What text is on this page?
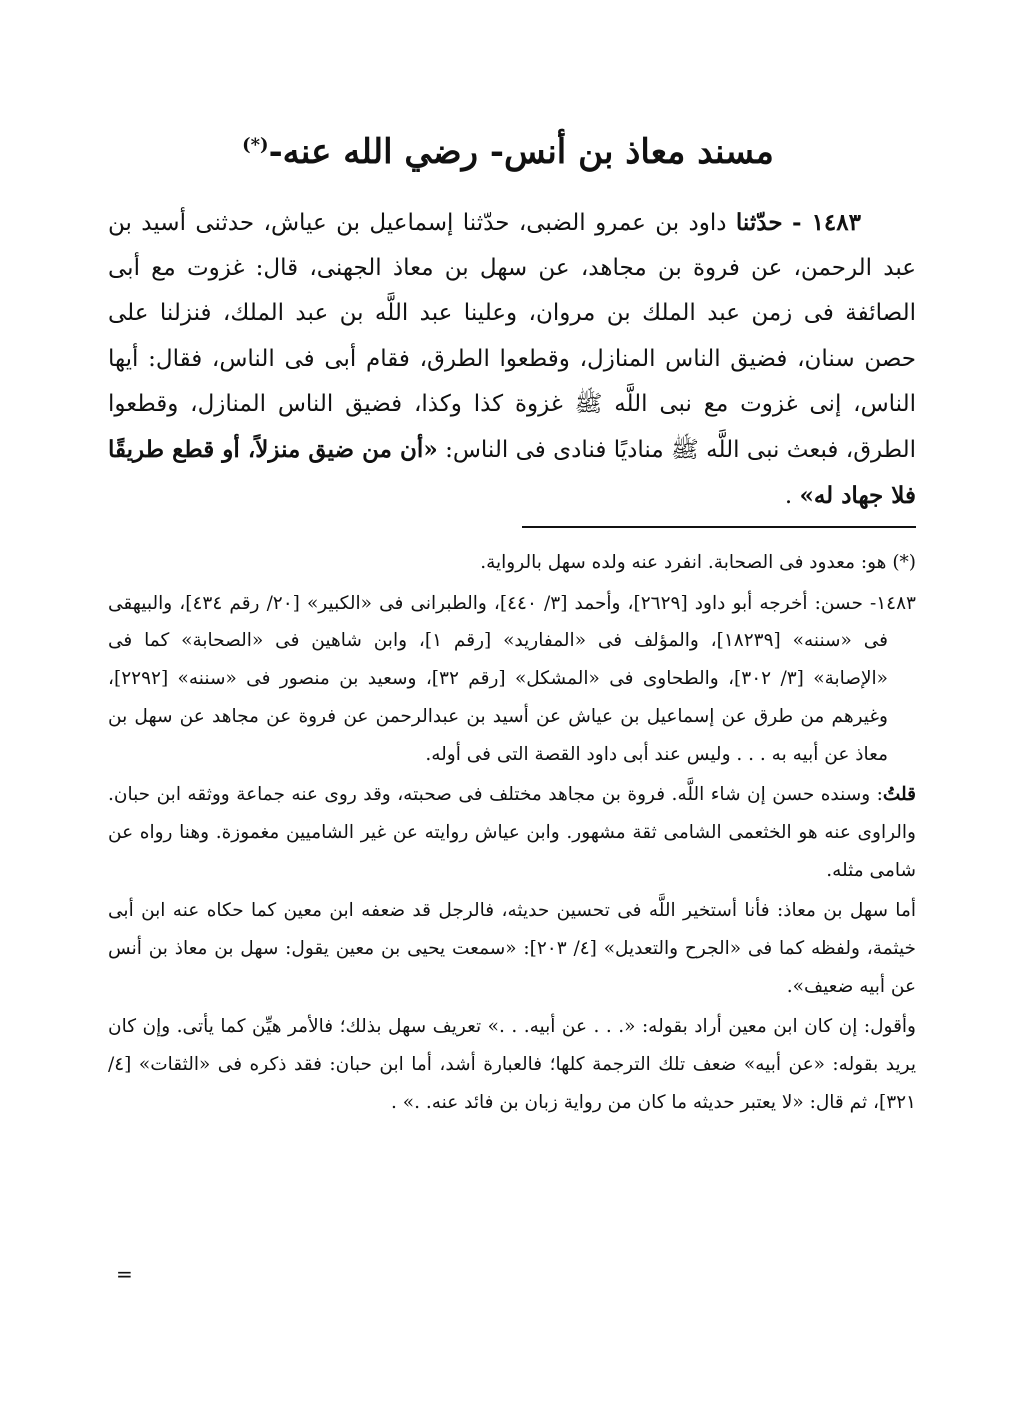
مسند معاذ بن أنس- رضي الله عنه-(*)

١٤٨٣ - حدّثنا داود بن عمرو الضبى، حدّثنا إسماعيل بن عياش، حدثنى أسيد بن عبد الرحمن، عن فروة بن مجاهد، عن سهل بن معاذ الجهنى، قال: غزوت مع أبى الصائفة فى زمن عبد الملك بن مروان، وعلينا عبد اللَّه بن عبد الملك، فنزلنا على حصن سنان، فضيق الناس المنازل، وقطعوا الطرق، فقام أبى فى الناس، فقال: أيها الناس، إنى غزوت مع نبى اللَّه ﷺ غزوة كذا وكذا، فضيق الناس المنازل، وقطعوا الطرق، فبعث نبى اللَّه ﷺ مناديًا فنادى فى الناس: «أن من ضيق منزلاً، أو قطع طريقًا فلا جهاد له» .

(*) هو: معدود فى الصحابة. انفرد عنه ولده سهل بالرواية.

١٤٨٣- حسن: أخرجه أبو داود [٢٦٢٩]، وأحمد [٣/ ٤٤٠]، والطبرانى فى «الكبير» [٢٠/ رقم ٤٣٤]، والبيهقى فى «سننه» [١٨٢٣٩]، والمؤلف فى «المفاريد» [رقم ١]، وابن شاهين فى «الصحابة» كما فى «الإصابة» [٣/ ٣٠٢]، والطحاوى فى «المشكل» [رقم ٣٢]، وسعيد بن منصور فى «سننه» [٢٢٩٢]، وغيرهم من طرق عن إسماعيل بن عياش عن أسيد بن عبدالرحمن عن فروة عن مجاهد عن سهل بن معاذ عن أبيه به . . . وليس عند أبى داود القصة التى فى أوله.

قلتُ: وسنده حسن إن شاء اللَّه. فروة بن مجاهد مختلف فى صحبته، وقد روى عنه جماعة ووثقه ابن حبان. والراوى عنه هو الخثعمى الشامى ثقة مشهور. وابن عياش روايته عن غير الشاميين مغموزة. وهنا رواه عن شامى مثله.

أما سهل بن معاذ: فأنا أستخير اللَّه فى تحسين حديثه، فالرجل قد ضعفه ابن معين كما حكاه عنه ابن أبى خيثمة، ولفظه كما فى «الجرح والتعديل» [٤/ ٢٠٣]: «سمعت يحيى بن معين يقول: سهل بن معاذ بن أنس عن أبيه ضعيف».

وأقول: إن كان ابن معين أراد بقوله: «. . . عن أبيه. . .» تعريف سهل بذلك؛ فالأمر هيِّن كما يأتى. وإن كان يريد بقوله: «عن أبيه» ضعف تلك الترجمة كلها؛ فالعبارة أشد، أما ابن حبان: فقد ذكره فى «الثقات» [٤/ ٣٢١]، ثم قال: «لا يعتبر حديثه ما كان من رواية زبان بن فائد عنه. .» .

=
